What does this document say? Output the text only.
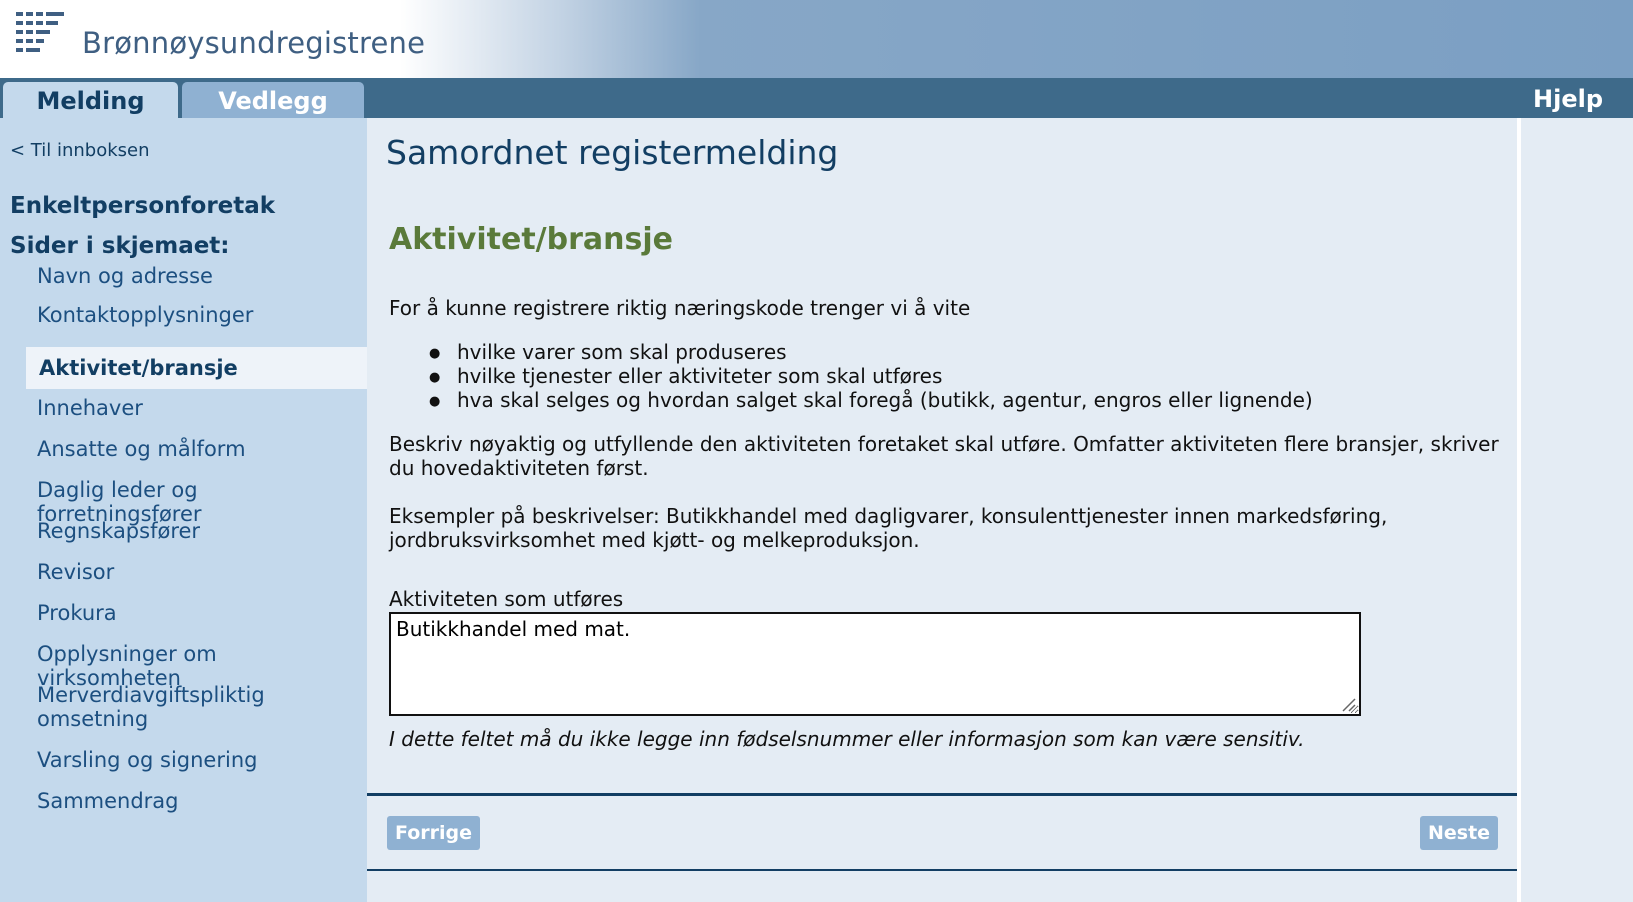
Brønnøysundregistrene
Melding	Vedlegg	Hjelp
< Til innboksen
Enkeltpersonforetak
Sider i skjemaet:
Navn og adresse
Kontaktopplysninger
Aktivitet/bransje
Innehaver
Ansatte og målform
Daglig leder og forretningsfører
Regnskapsfører
Revisor
Prokura
Opplysninger om virksomheten
Merverdiavgiftspliktig omsetning
Varsling og signering
Sammendrag
Samordnet registermelding
Aktivitet/bransje
For å kunne registrere riktig næringskode trenger vi å vite
● hvilke varer som skal produseres
● hvilke tjenester eller aktiviteter som skal utføres
● hva skal selges og hvordan salget skal foregå (butikk, agentur, engros eller lignende)
Beskriv nøyaktig og utfyllende den aktiviteten foretaket skal utføre. Omfatter aktiviteten flere bransjer, skriver du hovedaktiviteten først.
Eksempler på beskrivelser: Butikkhandel med dagligvarer, konsulenttjenester innen markedsføring, jordbruksvirksomhet med kjøtt- og melkeproduksjon.
Aktiviteten som utføres
Butikkhandel med mat.
I dette feltet må du ikke legge inn fødselsnummer eller informasjon som kan være sensitiv.
Forrige	Neste
